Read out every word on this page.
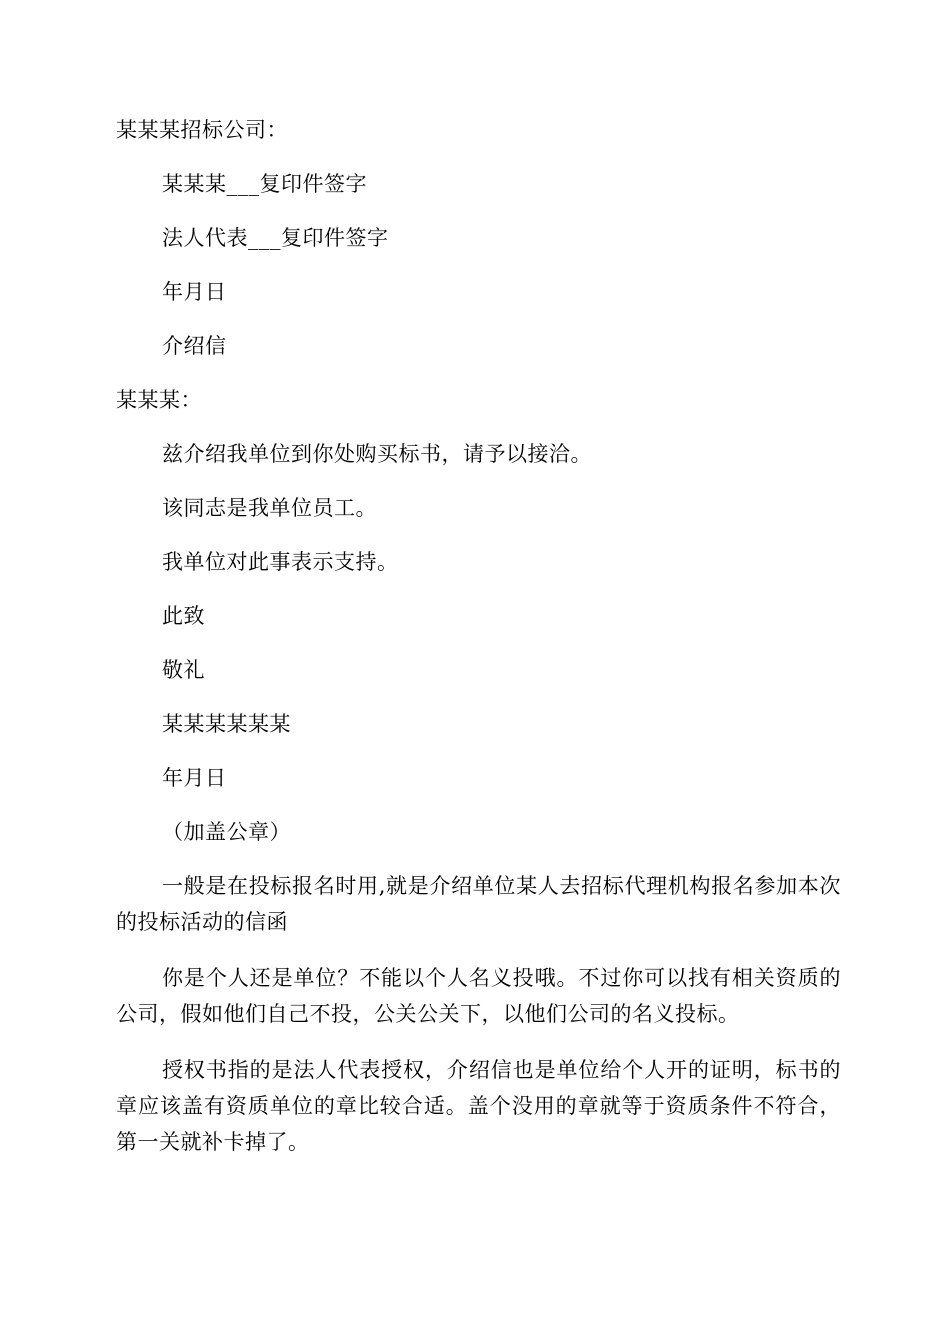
某某某招标公司：
某某某___复印件签字
法人代表___复印件签字
年月日
介绍信
某某某：
兹介绍我单位到你处购买标书，请予以接洽。
该同志是我单位员工。
我单位对此事表示支持。
此致
敬礼
某某某某某某
年月日
（加盖公章）
一般是在投标报名时用,就是介绍单位某人去招标代理机构报名参加本次的投标活动的信函
你是个人还是单位？不能以个人名义投哦。不过你可以找有相关资质的公司，假如他们自己不投，公关公关下，以他们公司的名义投标。
授权书指的是法人代表授权，介绍信也是单位给个人开的证明，标书的章应该盖有资质单位的章比较合适。盖个没用的章就等于资质条件不符合，第一关就补卡掉了。
